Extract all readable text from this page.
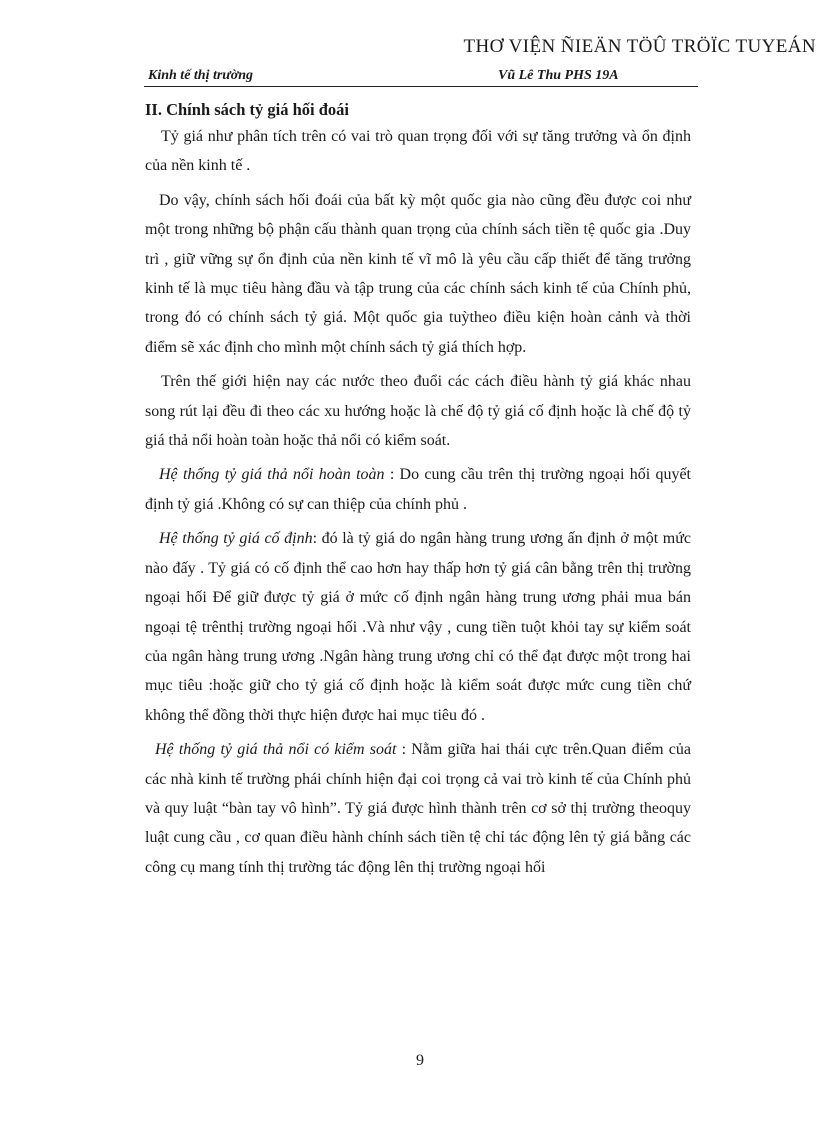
THƠ VIỆN ÑIEÄN TÖÛ TRÖÏC TUYEÁN
Kinh tế thị trường	Vũ Lê Thu PHS 19A
II. Chính sách tỷ giá hối đoái

Tỷ giá như phân tích trên có vai trò quan trọng đối với sự tăng trưởng và ổn định của nền kinh tế .

Do vậy, chính sách hối đoái của bất kỳ một quốc gia nào cũng đều được coi như một trong những bộ phận cấu thành quan trọng của chính sách tiền tệ quốc gia .Duy trì , giữ vững sự ổn định của nền kinh tế vĩ mô là yêu cầu cấp thiết để tăng trưởng kinh tế là mục tiêu hàng đầu và tập trung của các chính sách kinh tế của Chính phủ, trong đó có chính sách tỷ giá. Một quốc gia tuỳtheo điều kiện hoàn cảnh và thời điểm sẽ xác định cho mình một chính sách tỷ giá thích hợp.

Trên thế giới hiện nay các nước theo đuổi các cách điều hành tỷ giá khác nhau song rút lại đều đi theo các xu hướng hoặc là chế độ tỷ giá cố định hoặc là chế độ tỷ giá thả nổi hoàn toàn hoặc thả nổi có kiểm soát.

Hệ thống tỷ giá thả nổi hoàn toàn : Do cung cầu trên thị trường ngoại hối quyết định tỷ giá .Không có sự can thiệp của chính phủ .

Hệ thống tỷ giá cố định: đó là tỷ giá do ngân hàng trung ương ấn định ở một mức nào đấy . Tỷ giá có cố định thể cao hơn hay thấp hơn tỷ giá cân bằng trên thị trường ngoại hối Để giữ được tỷ giá ở mức cố định ngân hàng trung ương phải mua bán ngoại tệ trênthị trường ngoại hối .Và như vậy , cung tiền tuột khỏi tay sự kiểm soát của ngân hàng trung ương .Ngân hàng trung ương chỉ có thể đạt được một trong hai mục tiêu :hoặc giữ cho tỷ giá cố định hoặc là kiểm soát được mức cung tiền chứ không thể đồng thời thực hiện được hai mục tiêu đó .

Hệ thống tỷ giá thả nổi có kiểm soát : Nằm giữa hai thái cực trên.Quan điểm của các nhà kinh tế trường phái chính hiện đại coi trọng cả vai trò kinh tế của Chính phủ và quy luật “bàn tay vô hình”. Tỷ giá được hình thành trên cơ sở thị trường theoquy luật cung cầu , cơ quan điều hành chính sách tiền tệ chỉ tác động lên tỷ giá bằng các công cụ mang tính thị trường tác động lên thị trường ngoại hối

9
